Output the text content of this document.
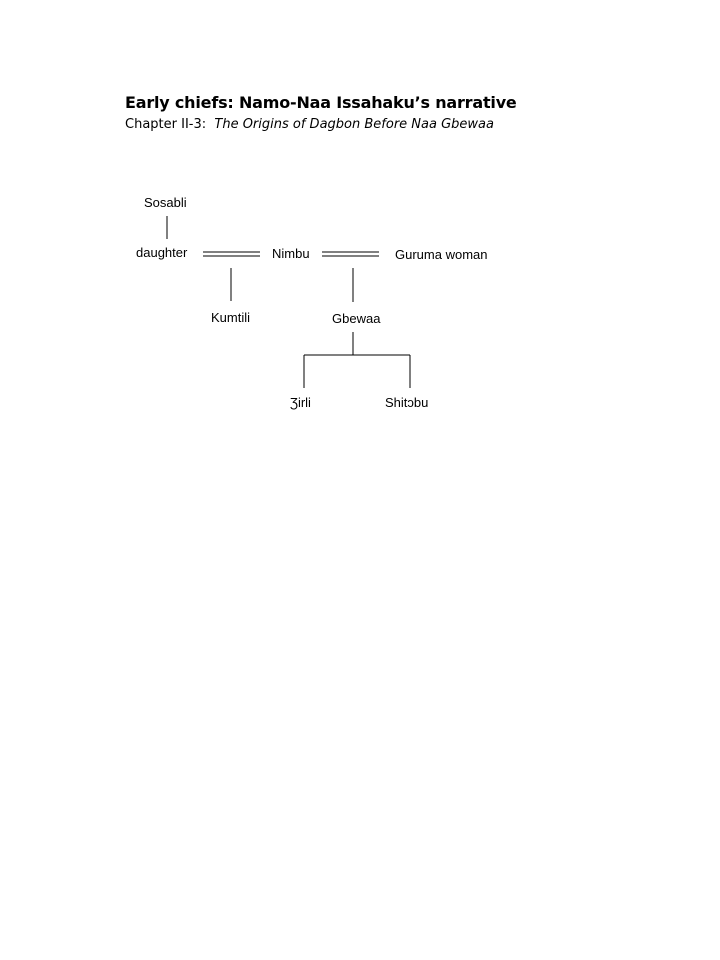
Early chiefs: Namo-Naa Issahaku’s narrative
Chapter II-3: The Origins of Dagbon Before Naa Gbewaa
Sosabli
daughter	Nimbu	Guruma woman
Kumtili	Gbewaa
Ʒirli	Shitɔbu
